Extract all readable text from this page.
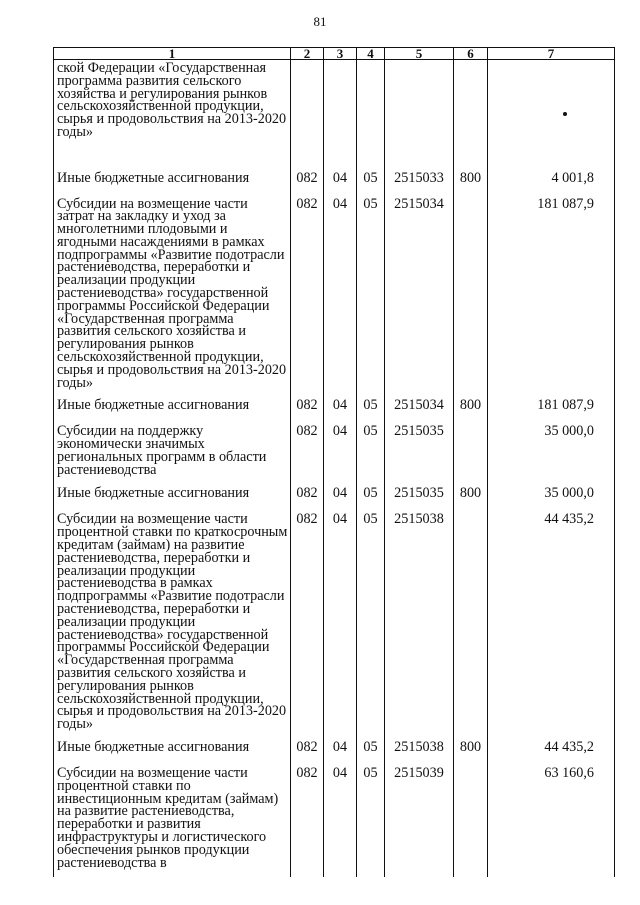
81
1	2	3	4	5	6	7
ской Федерации «Государственная программа развития сельского хозяйства и регулирования рынков сельскохозяйственной продукции, сырья и продовольствия на 2013-2020 годы»						
Иные бюджетные ассигнования	082	04	05	2515033	800	4 001,8
Субсидии на возмещение части затрат на закладку и уход за многолетними плодовыми и ягодными насаждениями в рамках подпрограммы «Развитие подотрасли растениеводства, переработки и реализации продукции растениеводства» государственной программы Российской Федерации «Государственная программа развития сельского хозяйства и регулирования рынков сельскохозяйственной продукции, сырья и продовольствия на 2013-2020 годы»	082	04	05	2515034		181 087,9
Иные бюджетные ассигнования	082	04	05	2515034	800	181 087,9
Субсидии на поддержку экономически значимых региональных программ в области растениеводства	082	04	05	2515035		35 000,0
Иные бюджетные ассигнования	082	04	05	2515035	800	35 000,0
Субсидии на возмещение части процентной ставки по краткосрочным кредитам (займам) на развитие растениеводства, переработки и реализации продукции растениеводства в рамках подпрограммы «Развитие подотрасли растениеводства, переработки и реализации продукции растениеводства» государственной программы Российской Федерации «Государственная программа развития сельского хозяйства и регулирования рынков сельскохозяйственной продукции, сырья и продовольствия на 2013-2020 годы»	082	04	05	2515038		44 435,2
Иные бюджетные ассигнования	082	04	05	2515038	800	44 435,2
Субсидии на возмещение части процентной ставки по инвестиционным кредитам (займам) на развитие растениеводства, переработки и развития инфраструктуры и логистического обеспечения рынков продукции растениеводства в	082	04	05	2515039		63 160,6
